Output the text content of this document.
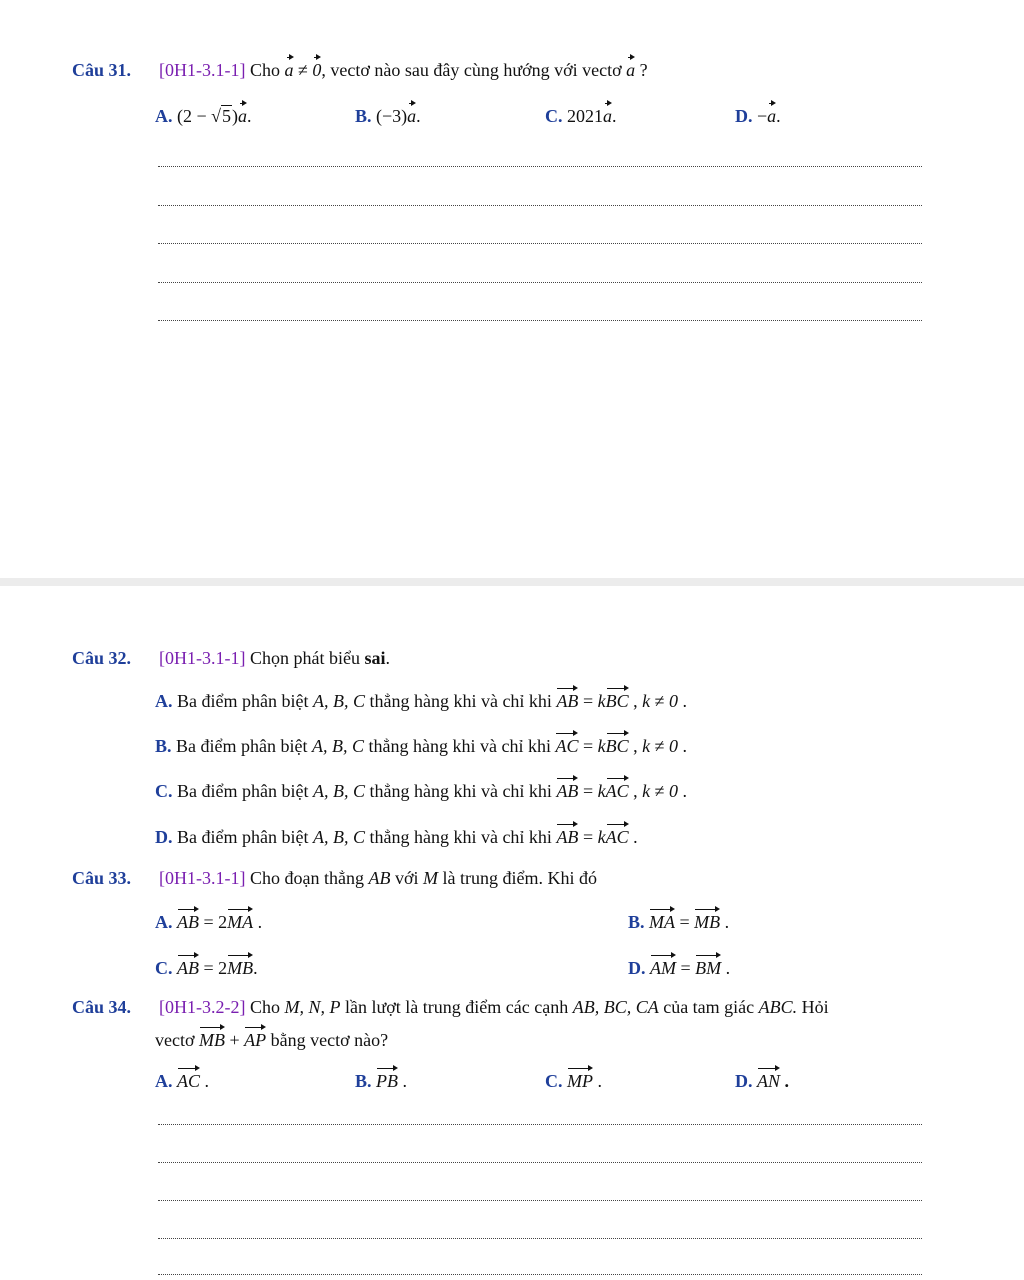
Câu 31. [0H1-3.1-1] Cho a ≠ 0, vectơ nào sau đây cùng hướng với vectơ a ?
A. (2 − √5)a.	B. (−3)a.	C. 2021a.	D. −a.
Câu 32. [0H1-3.1-1] Chọn phát biểu sai.
A. Ba điểm phân biệt A, B, C thẳng hàng khi và chỉ khi AB = kBC , k ≠ 0 .
B. Ba điểm phân biệt A, B, C thẳng hàng khi và chỉ khi AC = kBC , k ≠ 0 .
C. Ba điểm phân biệt A, B, C thẳng hàng khi và chỉ khi AB = kAC , k ≠ 0 .
D. Ba điểm phân biệt A, B, C thẳng hàng khi và chỉ khi AB = kAC .
Câu 33. [0H1-3.1-1] Cho đoạn thẳng AB với M là trung điểm. Khi đó
A. AB = 2MA .	B. MA = MB .
C. AB = 2MB.	D. AM = BM .
Câu 34. [0H1-3.2-2] Cho M, N, P lần lượt là trung điểm các cạnh AB, BC, CA của tam giác ABC. Hỏi
vectơ MB + AP bằng vectơ nào?
A. AC .	B. PB .	C. MP .	D. AN .
